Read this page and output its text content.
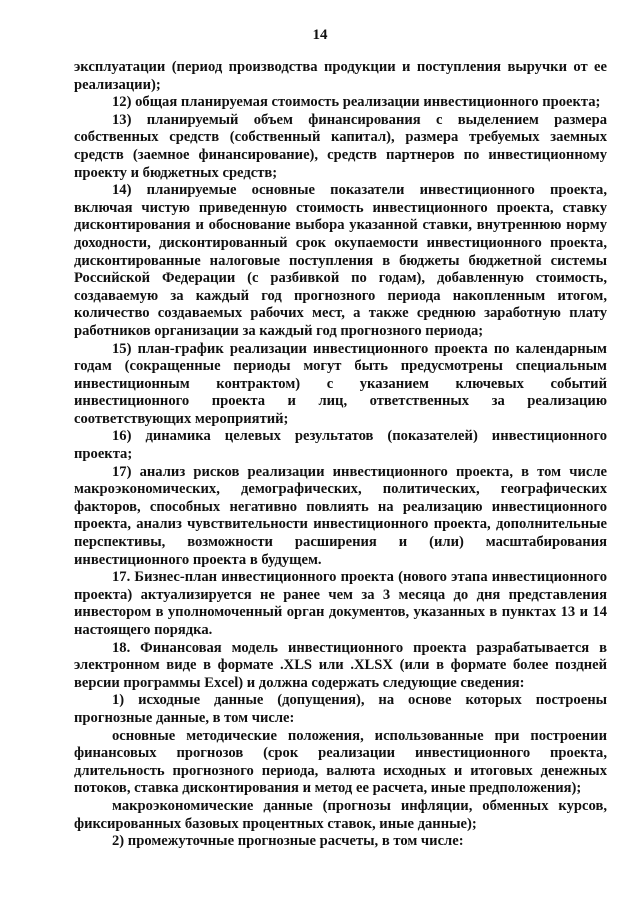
14

эксплуатации (период производства продукции и поступления выручки от ее реализации);

12) общая планируемая стоимость реализации инвестиционного проекта;

13) планируемый объем финансирования с выделением размера собственных средств (собственный капитал), размера требуемых заемных средств (заемное финансирование), средств партнеров по инвестиционному проекту и бюджетных средств;

14) планируемые основные показатели инвестиционного проекта, включая чистую приведенную стоимость инвестиционного проекта, ставку дисконтирования и обоснование выбора указанной ставки, внутреннюю норму доходности, дисконтированный срок окупаемости инвестиционного проекта, дисконтированные налоговые поступления в бюджеты бюджетной системы Российской Федерации (с разбивкой по годам), добавленную стоимость, создаваемую за каждый год прогнозного периода накопленным итогом, количество создаваемых рабочих мест, а также среднюю заработную плату работников организации за каждый год прогнозного периода;

15) план-график реализации инвестиционного проекта по календарным годам (сокращенные периоды могут быть предусмотрены специальным инвестиционным контрактом) с указанием ключевых событий инвестиционного проекта и лиц, ответственных за реализацию соответствующих мероприятий;

16) динамика целевых результатов (показателей) инвестиционного проекта;

17) анализ рисков реализации инвестиционного проекта, в том числе макроэкономических, демографических, политических, географических факторов, способных негативно повлиять на реализацию инвестиционного проекта, анализ чувствительности инвестиционного проекта, дополнительные перспективы, возможности расширения и (или) масштабирования инвестиционного проекта в будущем.

17. Бизнес-план инвестиционного проекта (нового этапа инвестиционного проекта) актуализируется не ранее чем за 3 месяца до дня представления инвестором в уполномоченный орган документов, указанных в пунктах 13 и 14 настоящего порядка.

18. Финансовая модель инвестиционного проекта разрабатывается в электронном виде в формате .XLS или .XLSX (или в формате более поздней версии программы Excel) и должна содержать следующие сведения:

1) исходные данные (допущения), на основе которых построены прогнозные данные, в том числе:

основные методические положения, использованные при построении финансовых прогнозов (срок реализации инвестиционного проекта, длительность прогнозного периода, валюта исходных и итоговых денежных потоков, ставка дисконтирования и метод ее расчета, иные предположения);

макроэкономические данные (прогнозы инфляции, обменных курсов, фиксированных базовых процентных ставок, иные данные);

2) промежуточные прогнозные расчеты, в том числе:
